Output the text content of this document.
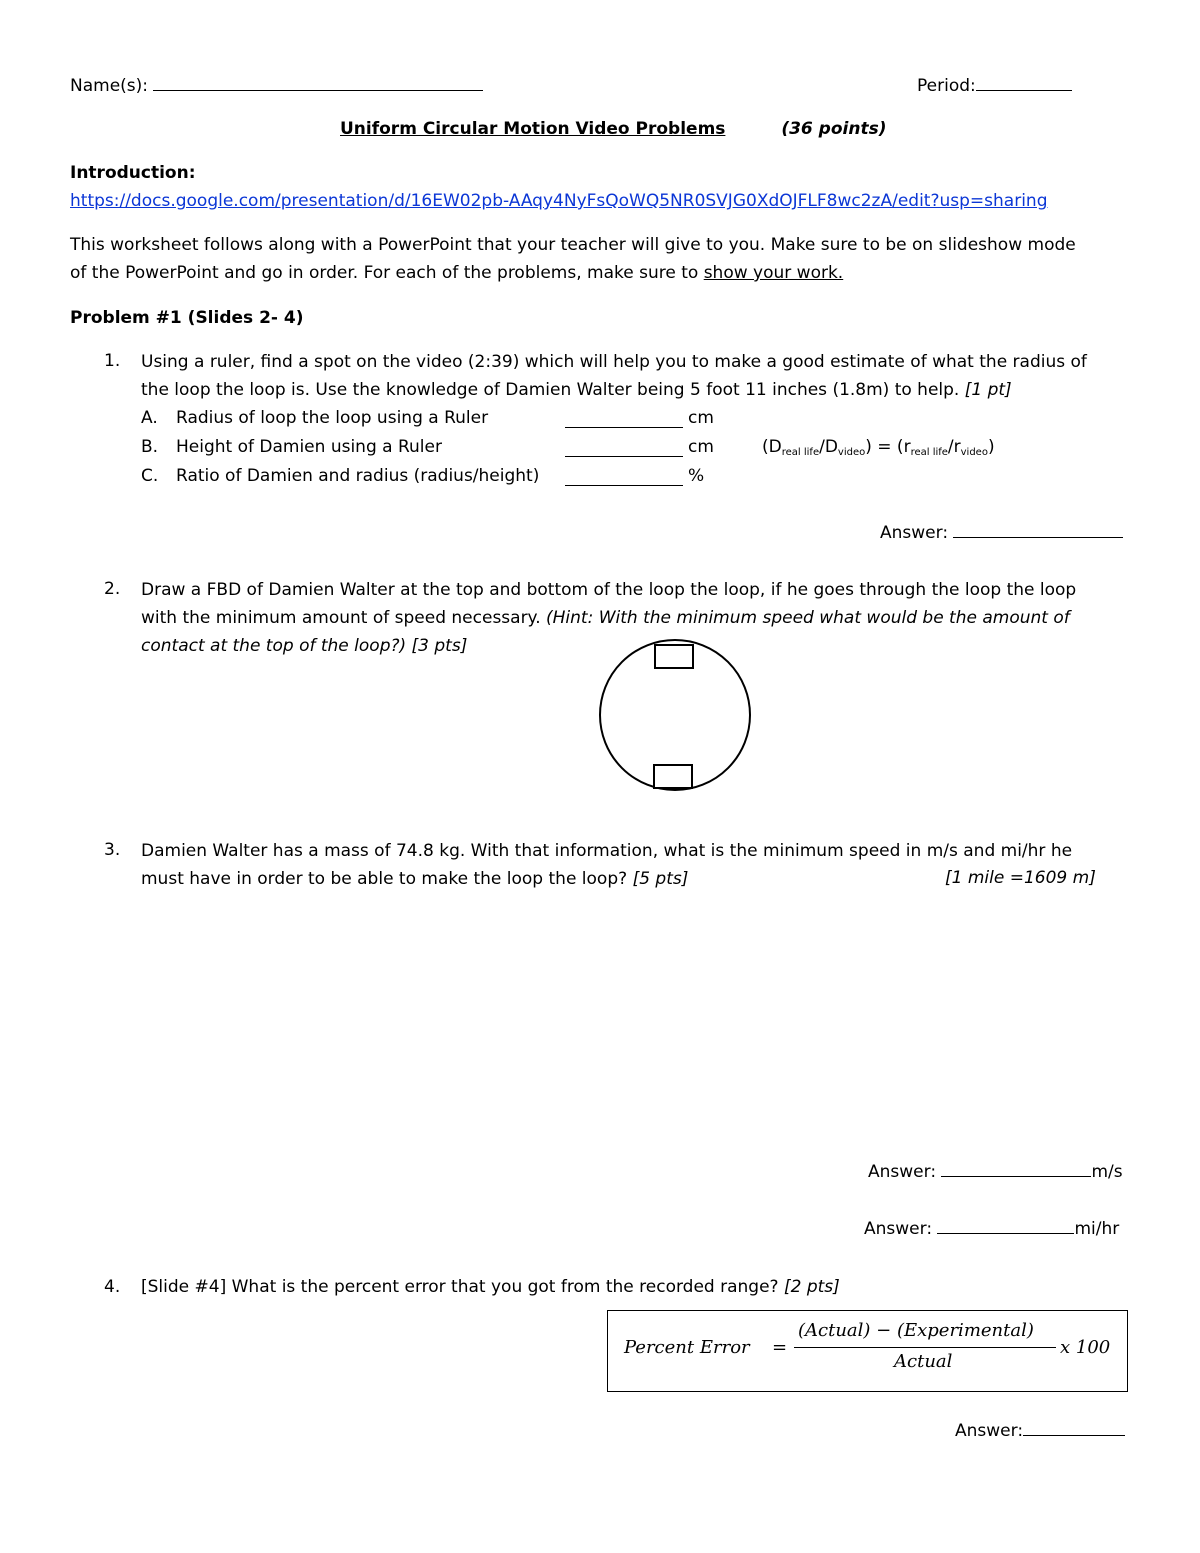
Name(s):	Period:
Uniform Circular Motion Video Problems	(36 points)
Introduction:
https://docs.google.com/presentation/d/16EW02pb-AAqy4NyFsQoWQ5NR0SVJG0XdOJFLF8wc2zA/edit?usp=sharing
This worksheet follows along with a PowerPoint that your teacher will give to you. Make sure to be on slideshow mode
of the PowerPoint and go in order. For each of the problems, make sure to show your work.
Problem #1 (Slides 2- 4)
1. Using a ruler, find a spot on the video (2:39) which will help you to make a good estimate of what the radius of
the loop the loop is. Use the knowledge of Damien Walter being 5 foot 11 inches (1.8m) to help. [1 pt]
A. Radius of loop the loop using a Ruler	cm
B. Height of Damien using a Ruler	cm	$(D_{real life}/D_{video}) = (r_{real life}/r_{video})$
C. Ratio of Damien and radius (radius/height)	%
Answer:
2. Draw a FBD of Damien Walter at the top and bottom of the loop the loop, if he goes through the loop the loop
with the minimum amount of speed necessary. (Hint: With the minimum speed what would be the amount of
contact at the top of the loop?) [3 pts]
3. Damien Walter has a mass of 74.8 kg. With that information, what is the minimum speed in m/s and mi/hr he
must have in order to be able to make the loop the loop? [5 pts]	[1 mile =1609 m]
Answer:	m/s
Answer:	mi/hr
4. [Slide #4] What is the percent error that you got from the recorded range? [2 pts]
Percent Error =
(Actual) − (Experimental)
Actual
x 100
Answer:
